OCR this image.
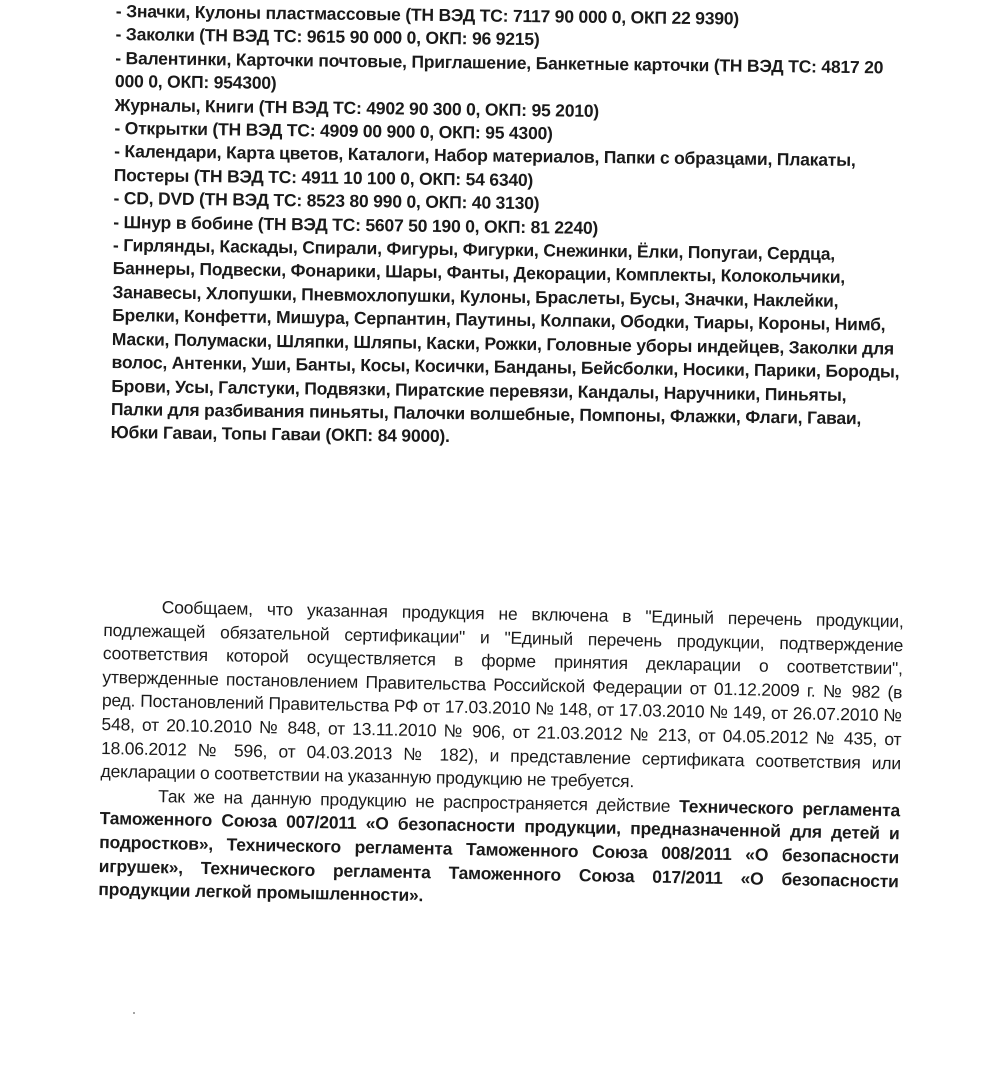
- Значки, Кулоны пластмассовые (ТН ВЭД ТС: 7117 90 000 0, ОКП 22 9390)

- Заколки (ТН ВЭД ТС: 9615 90 000 0, ОКП: 96 9215)

- Валентинки, Карточки почтовые, Приглашение, Банкетные карточки (ТН ВЭД ТС: 4817 20 000 0, ОКП: 954300)

Журналы, Книги (ТН ВЭД ТС: 4902 90 300 0, ОКП: 95 2010)

- Открытки (ТН ВЭД ТС: 4909 00 900 0, ОКП: 95 4300)

- Календари, Карта цветов, Каталоги, Набор материалов, Папки с образцами, Плакаты, Постеры (ТН ВЭД ТС: 4911 10 100 0, ОКП: 54 6340)

- CD, DVD (ТН ВЭД ТС: 8523 80 990 0, ОКП: 40 3130)

- Шнур в бобине (ТН ВЭД ТС: 5607 50 190 0, ОКП: 81 2240)

- Гирлянды, Каскады, Спирали, Фигуры, Фигурки, Снежинки, Ёлки, Попугаи, Сердца, Баннеры, Подвески, Фонарики, Шары, Фанты, Декорации, Комплекты, Колокольчики, Занавесы, Хлопушки, Пневмохлопушки, Кулоны, Браслеты, Бусы, Значки, Наклейки, Брелки, Конфетти, Мишура, Серпантин, Паутины, Колпаки, Ободки, Тиары, Короны, Нимб, Маски, Полумаски, Шляпки, Шляпы, Каски, Рожки, Головные уборы индейцев, Заколки для волос, Антенки, Уши, Банты, Косы, Косички, Банданы, Бейсболки, Носики, Парики, Бороды, Брови, Усы, Галстуки, Подвязки, Пиратские перевязи, Кандалы, Наручники, Пиньяты, Палки для разбивания пиньяты, Палочки волшебные, Помпоны, Флажки, Флаги, Гаваи, Юбки Гаваи, Топы Гаваи (ОКП: 84 9000).

Сообщаем, что указанная продукция не включена в "Единый перечень продукции, подлежащей обязательной сертификации" и "Единый перечень продукции, подтверждение соответствия которой осуществляется в форме принятия декларации о соответствии", утвержденные постановлением Правительства Российской Федерации от 01.12.2009 г. № 982 (в ред. Постановлений Правительства РФ от 17.03.2010 № 148, от 17.03.2010 № 149, от 26.07.2010 № 548, от 20.10.2010 № 848, от 13.11.2010 № 906, от 21.03.2012 № 213, от 04.05.2012 № 435, от 18.06.2012 № 596, от 04.03.2013 № 182), и представление сертификата соответствия или декларации о соответствии на указанную продукцию не требуется.

Так же на данную продукцию не распространяется действие Технического регламента Таможенного Союза 007/2011 «О безопасности продукции, предназначенной для детей и подростков», Технического регламента Таможенного Союза 008/2011 «О безопасности игрушек», Технического регламента Таможенного Союза 017/2011 «О безопасности продукции легкой промышленности».
